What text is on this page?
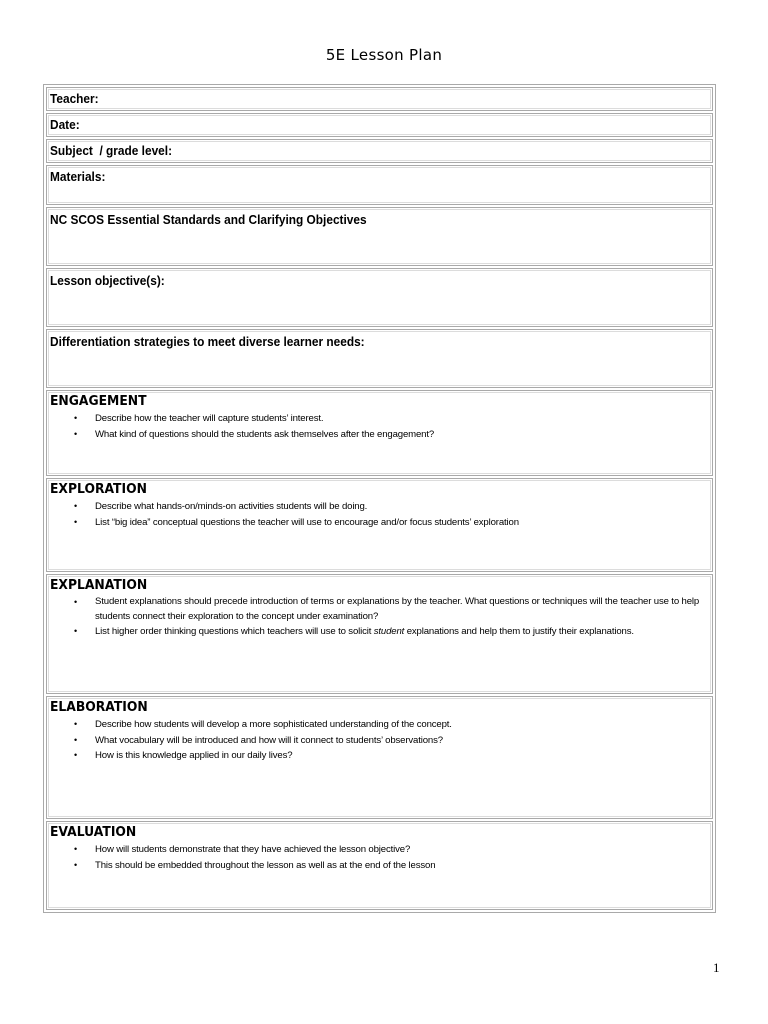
5E Lesson Plan
Teacher:
Date:
Subject  / grade level:
Materials:
NC SCOS Essential Standards and Clarifying Objectives
Lesson objective(s):
Differentiation strategies to meet diverse learner needs:
ENGAGEMENT
• Describe how the teacher will capture students’ interest.
• What kind of questions should the students ask themselves after the engagement?
EXPLORATION
• Describe what hands-on/minds-on activities students will be doing.
• List “big idea” conceptual questions the teacher will use to encourage and/or focus students’ exploration
EXPLANATION
• Student explanations should precede introduction of terms or explanations by the teacher. What questions or techniques will the teacher use to help students connect their exploration to the concept under examination?
• List higher order thinking questions which teachers will use to solicit student explanations and help them to justify their explanations.
ELABORATION
• Describe how students will develop a more sophisticated understanding of the concept.
• What vocabulary will be introduced and how will it connect to students’ observations?
• How is this knowledge applied in our daily lives?
EVALUATION
• How will students demonstrate that they have achieved the lesson objective?
• This should be embedded throughout the lesson as well as at the end of the lesson
1
